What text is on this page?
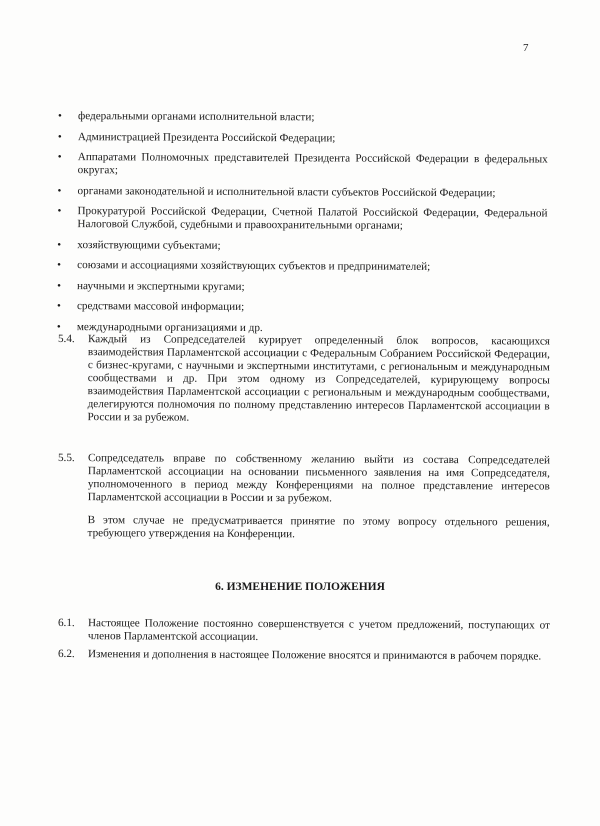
7
• федеральными органами исполнительной власти;
• Администрацией Президента Российской Федерации;
• Аппаратами Полномочных представителей Президента Российской Федерации в федеральных округах;
• органами законодательной и исполнительной власти субъектов Российской Федерации;
• Прокуратурой Российской Федерации, Счетной Палатой Российской Федерации, Федеральной Налоговой Службой, судебными и правоохранительными органами;
• хозяйствующими субъектами;
• союзами и ассоциациями хозяйствующих субъектов и предпринимателей;
• научными и экспертными кругами;
• средствами массовой информации;
• международными организациями и др.
5.4. Каждый из Сопредседателей курирует определенный блок вопросов, касающихся взаимодействия Парламентской ассоциации с Федеральным Собранием Российской Федерации, с бизнес-кругами, с научными и экспертными институтами, с региональным и международным сообществами и др. При этом одному из Сопредседателей, курирующему вопросы взаимодействия Парламентской ассоциации с региональным и международным сообществами, делегируются полномочия по полному представлению интересов Парламентской ассоциации в России и за рубежом.
5.5. Сопредседатель вправе по собственному желанию выйти из состава Сопредседателей Парламентской ассоциации на основании письменного заявления на имя Сопредседателя, уполномоченного в период между Конференциями на полное представление интересов Парламентской ассоциации в России и за рубежом.
В этом случае не предусматривается принятие по этому вопросу отдельного решения, требующего утверждения на Конференции.
6. ИЗМЕНЕНИЕ ПОЛОЖЕНИЯ
6.1. Настоящее Положение постоянно совершенствуется с учетом предложений, поступающих от членов Парламентской ассоциации.
6.2. Изменения и дополнения в настоящее Положение вносятся и принимаются в рабочем порядке.
